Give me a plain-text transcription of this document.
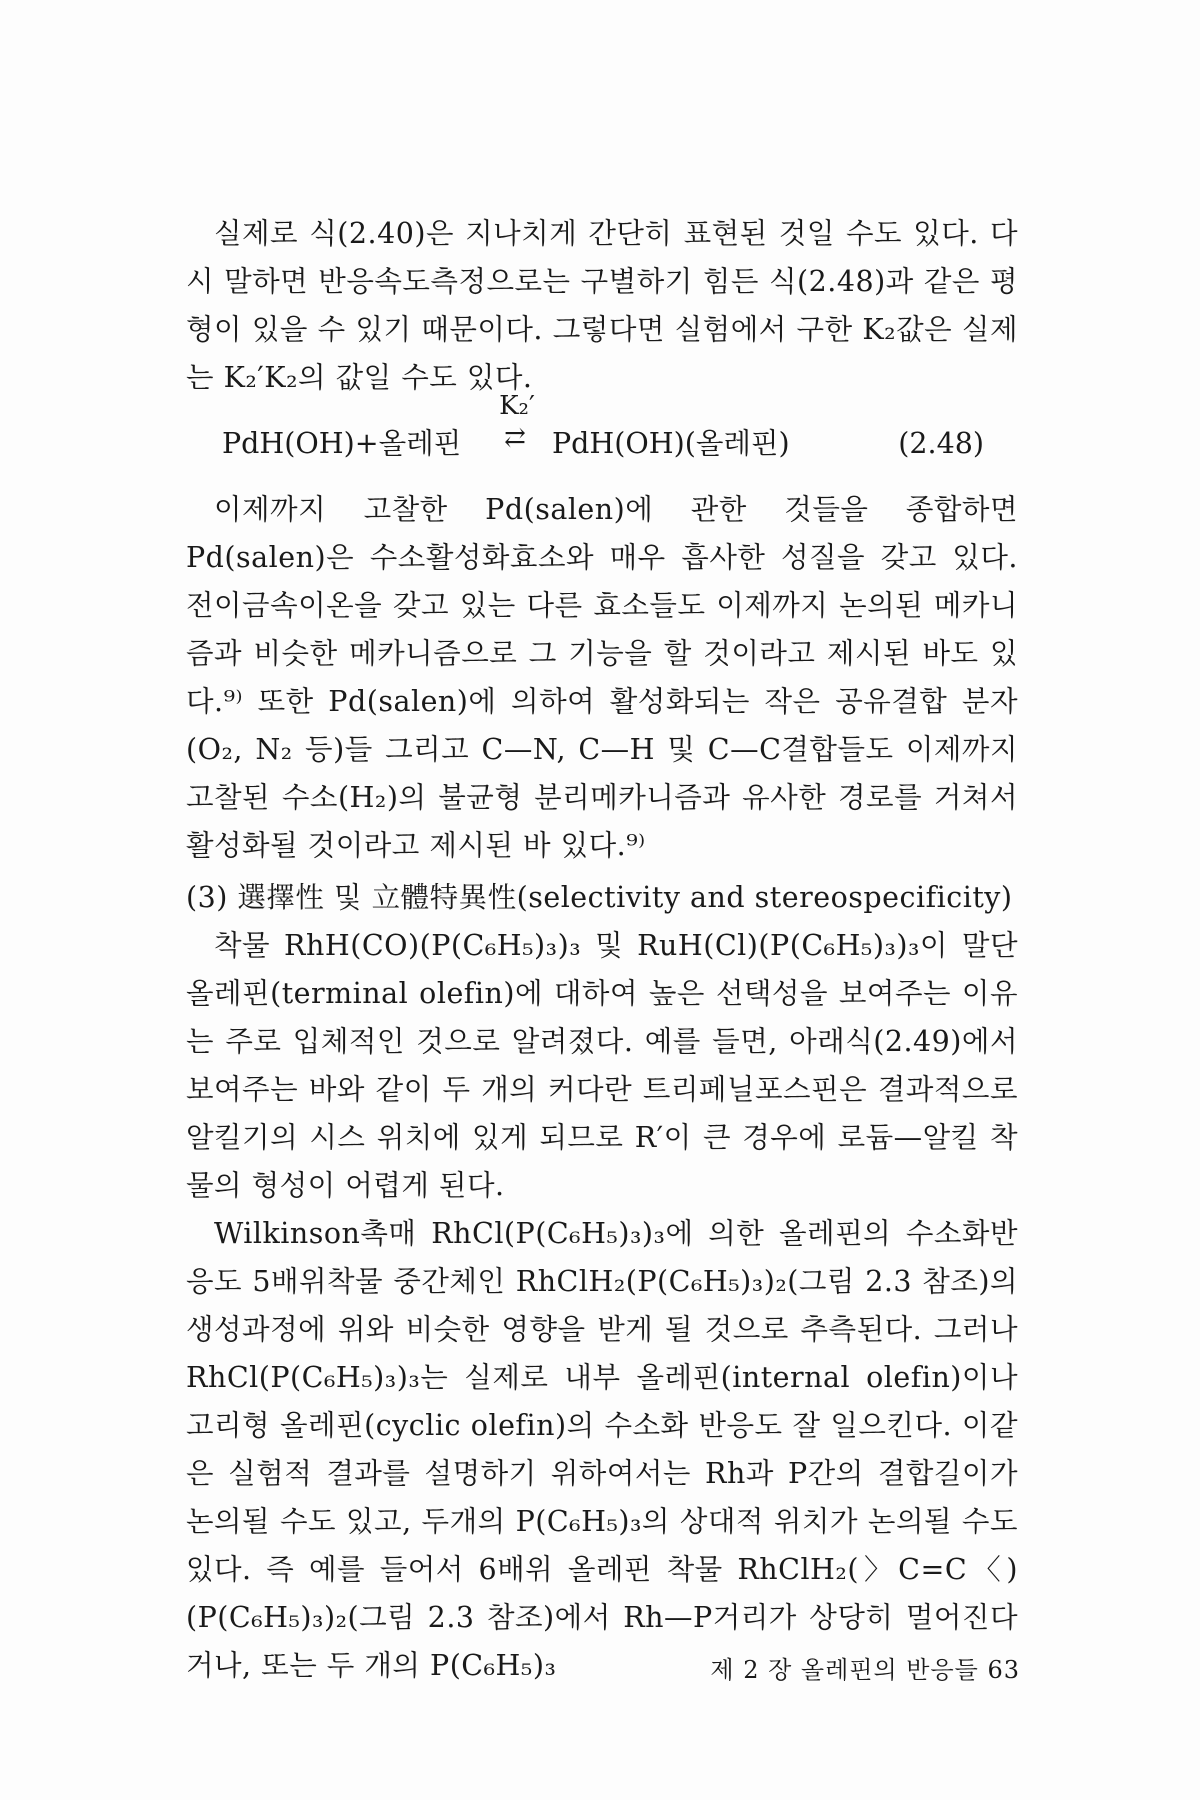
실제로 식(2.40)은 지나치게 간단히 표현된 것일 수도 있다. 다시 말하면 반응속도측정으로는 구별하기 힘든 식(2.48)과 같은 평형이 있을 수 있기 때문이다. 그렇다면 실험에서 구한 K₂값은 실제는 K₂′K₂의 값일 수도 있다.

PdH(OH)+올레핀
K₂′
⇄ PdH(OH)(올레핀)	(2.48)

이제까지 고찰한 Pd(salen)에 관한 것들을 종합하면 Pd(salen)은 수소활성화효소와 매우 흡사한 성질을 갖고 있다. 전이금속이온을 갖고 있는 다른 효소들도 이제까지 논의된 메카니즘과 비슷한 메카니즘으로 그 기능을 할 것이라고 제시된 바도 있다.⁹⁾ 또한 Pd(salen)에 의하여 활성화되는 작은 공유결합 분자(O₂, N₂ 등)들 그리고 C—N, C—H 및 C—C결합들도 이제까지 고찰된 수소(H₂)의 불균형 분리메카니즘과 유사한 경로를 거쳐서 활성화될 것이라고 제시된 바 있다.⁹⁾

(3) 選擇性 및 立體特異性(selectivity and stereospecificity)

착물 RhH(CO)(P(C₆H₅)₃)₃ 및 RuH(Cl)(P(C₆H₅)₃)₃이 말단 올레핀(terminal olefin)에 대하여 높은 선택성을 보여주는 이유는 주로 입체적인 것으로 알려졌다. 예를 들면, 아래식(2.49)에서 보여주는 바와 같이 두 개의 커다란 트리페닐포스핀은 결과적으로 알킬기의 시스 위치에 있게 되므로 R′이 큰 경우에 로듐—알킬 착물의 형성이 어렵게 된다.

Wilkinson촉매 RhCl(P(C₆H₅)₃)₃에 의한 올레핀의 수소화반응도 5배위착물 중간체인 RhClH₂(P(C₆H₅)₃)₂(그림 2.3 참조)의 생성과정에 위와 비슷한 영향을 받게 될 것으로 추측된다. 그러나 RhCl(P(C₆H₅)₃)₃는 실제로 내부 올레핀(internal olefin)이나 고리형 올레핀(cyclic olefin)의 수소화 반응도 잘 일으킨다. 이같은 실험적 결과를 설명하기 위하여서는 Rh과 P간의 결합길이가 논의될 수도 있고, 두개의 P(C₆H₅)₃의 상대적 위치가 논의될 수도 있다. 즉 예를 들어서 6배위 올레핀 착물 RhClH₂(〉C=C〈)(P(C₆H₅)₃)₂(그림 2.3 참조)에서 Rh—P거리가 상당히 멀어진다거나, 또는 두 개의 P(C₆H₅)₃	제 2 장 올레핀의 반응들 63
